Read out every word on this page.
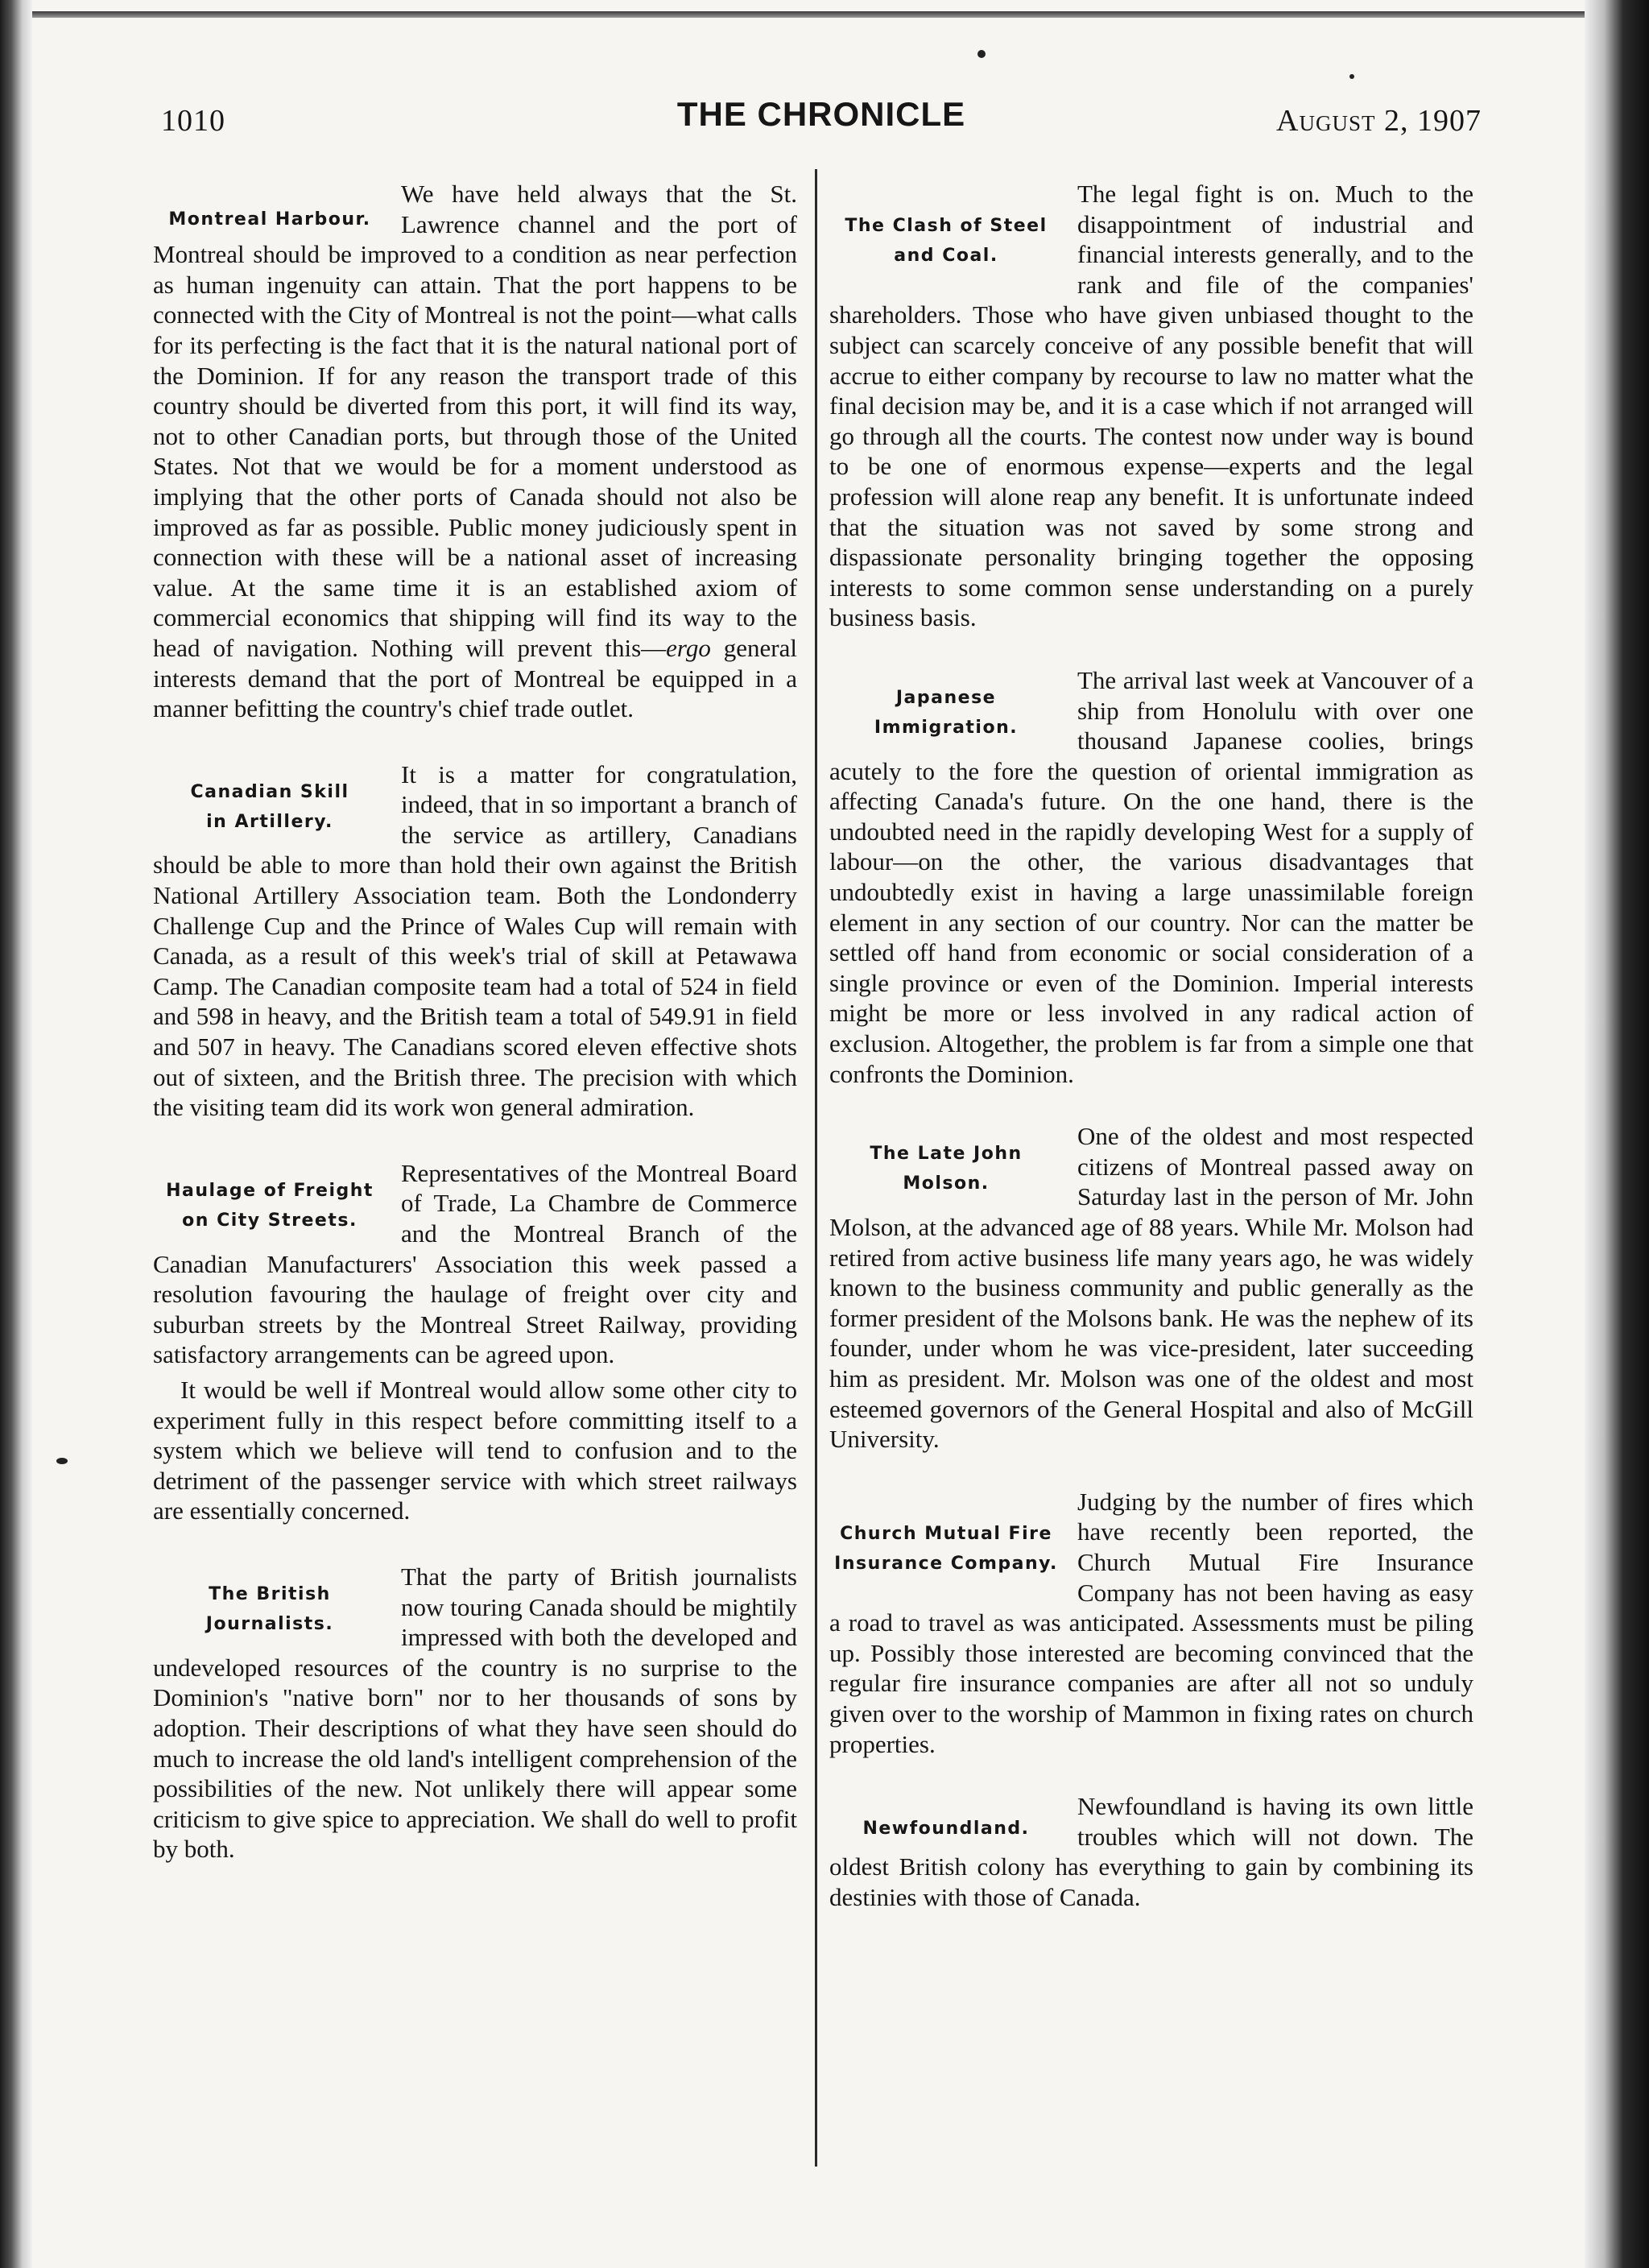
1010	THE CHRONICLE	August 2, 1907
Montreal Harbour.
We have held always that the St. Lawrence channel and the port of Montreal should be improved to a condition as near perfection as human ingenuity can attain. That the port happens to be connected with the City of Montreal is not the point—what calls for its perfecting is the fact that it is the natural national port of the Dominion. If for any reason the transport trade of this country should be diverted from this port, it will find its way, not to other Canadian ports, but through those of the United States. Not that we would be for a moment understood as implying that the other ports of Canada should not also be improved as far as possible. Public money judiciously spent in connection with these will be a national asset of increasing value. At the same time it is an established axiom of commercial economics that shipping will find its way to the head of navigation. Nothing will prevent this—ergo general interests demand that the port of Montreal be equipped in a manner befitting the country's chief trade outlet.
Canadian Skill
in Artillery.
It is a matter for congratulation, indeed, that in so important a branch of the service as artillery, Canadians should be able to more than hold their own against the British National Artillery Association team. Both the Londonderry Challenge Cup and the Prince of Wales Cup will remain with Canada, as a result of this week's trial of skill at Petawawa Camp. The Canadian composite team had a total of 524 in field and 598 in heavy, and the British team a total of 549.91 in field and 507 in heavy. The Canadians scored eleven effective shots out of sixteen, and the British three. The precision with which the visiting team did its work won general admiration.
Haulage of Freight
on City Streets.
Representatives of the Montreal Board of Trade, La Chambre de Commerce and the Montreal Branch of the Canadian Manufacturers' Association this week passed a resolution favouring the haulage of freight over city and suburban streets by the Montreal Street Railway, providing satisfactory arrangements can be agreed upon.
It would be well if Montreal would allow some other city to experiment fully in this respect before committing itself to a system which we believe will tend to confusion and to the detriment of the passenger service with which street railways are essentially concerned.
The British
Journalists.
That the party of British journalists now touring Canada should be mightily impressed with both the developed and undeveloped resources of the country is no surprise to the Dominion's "native born" nor to her thousands of sons by adoption. Their descriptions of what they have seen should do much to increase the old land's intelligent comprehension of the possibilities of the new. Not unlikely there will appear some criticism to give spice to appreciation. We shall do well to profit by both.
The Clash of Steel
and Coal.
The legal fight is on. Much to the disappointment of industrial and financial interests generally, and to the rank and file of the companies' shareholders. Those who have given unbiased thought to the subject can scarcely conceive of any possible benefit that will accrue to either company by recourse to law no matter what the final decision may be, and it is a case which if not arranged will go through all the courts. The contest now under way is bound to be one of enormous expense—experts and the legal profession will alone reap any benefit. It is unfortunate indeed that the situation was not saved by some strong and dispassionate personality bringing together the opposing interests to some common sense understanding on a purely business basis.
Japanese
Immigration.
The arrival last week at Vancouver of a ship from Honolulu with over one thousand Japanese coolies, brings acutely to the fore the question of oriental immigration as affecting Canada's future. On the one hand, there is the undoubted need in the rapidly developing West for a supply of labour—on the other, the various disadvantages that undoubtedly exist in having a large unassimilable foreign element in any section of our country. Nor can the matter be settled off hand from economic or social consideration of a single province or even of the Dominion. Imperial interests might be more or less involved in any radical action of exclusion. Altogether, the problem is far from a simple one that confronts the Dominion.
The Late John
Molson.
One of the oldest and most respected citizens of Montreal passed away on Saturday last in the person of Mr. John Molson, at the advanced age of 88 years. While Mr. Molson had retired from active business life many years ago, he was widely known to the business community and public generally as the former president of the Molsons bank. He was the nephew of its founder, under whom he was vice-president, later succeeding him as president. Mr. Molson was one of the oldest and most esteemed governors of the General Hospital and also of McGill University.
Church Mutual Fire
Insurance Company.
Judging by the number of fires which have recently been reported, the Church Mutual Fire Insurance Company has not been having as easy a road to travel as was anticipated. Assessments must be piling up. Possibly those interested are becoming convinced that the regular fire insurance companies are after all not so unduly given over to the worship of Mammon in fixing rates on church properties.
Newfoundland.
Newfoundland is having its own little troubles which will not down. The oldest British colony has everything to gain by combining its destinies with those of Canada.
